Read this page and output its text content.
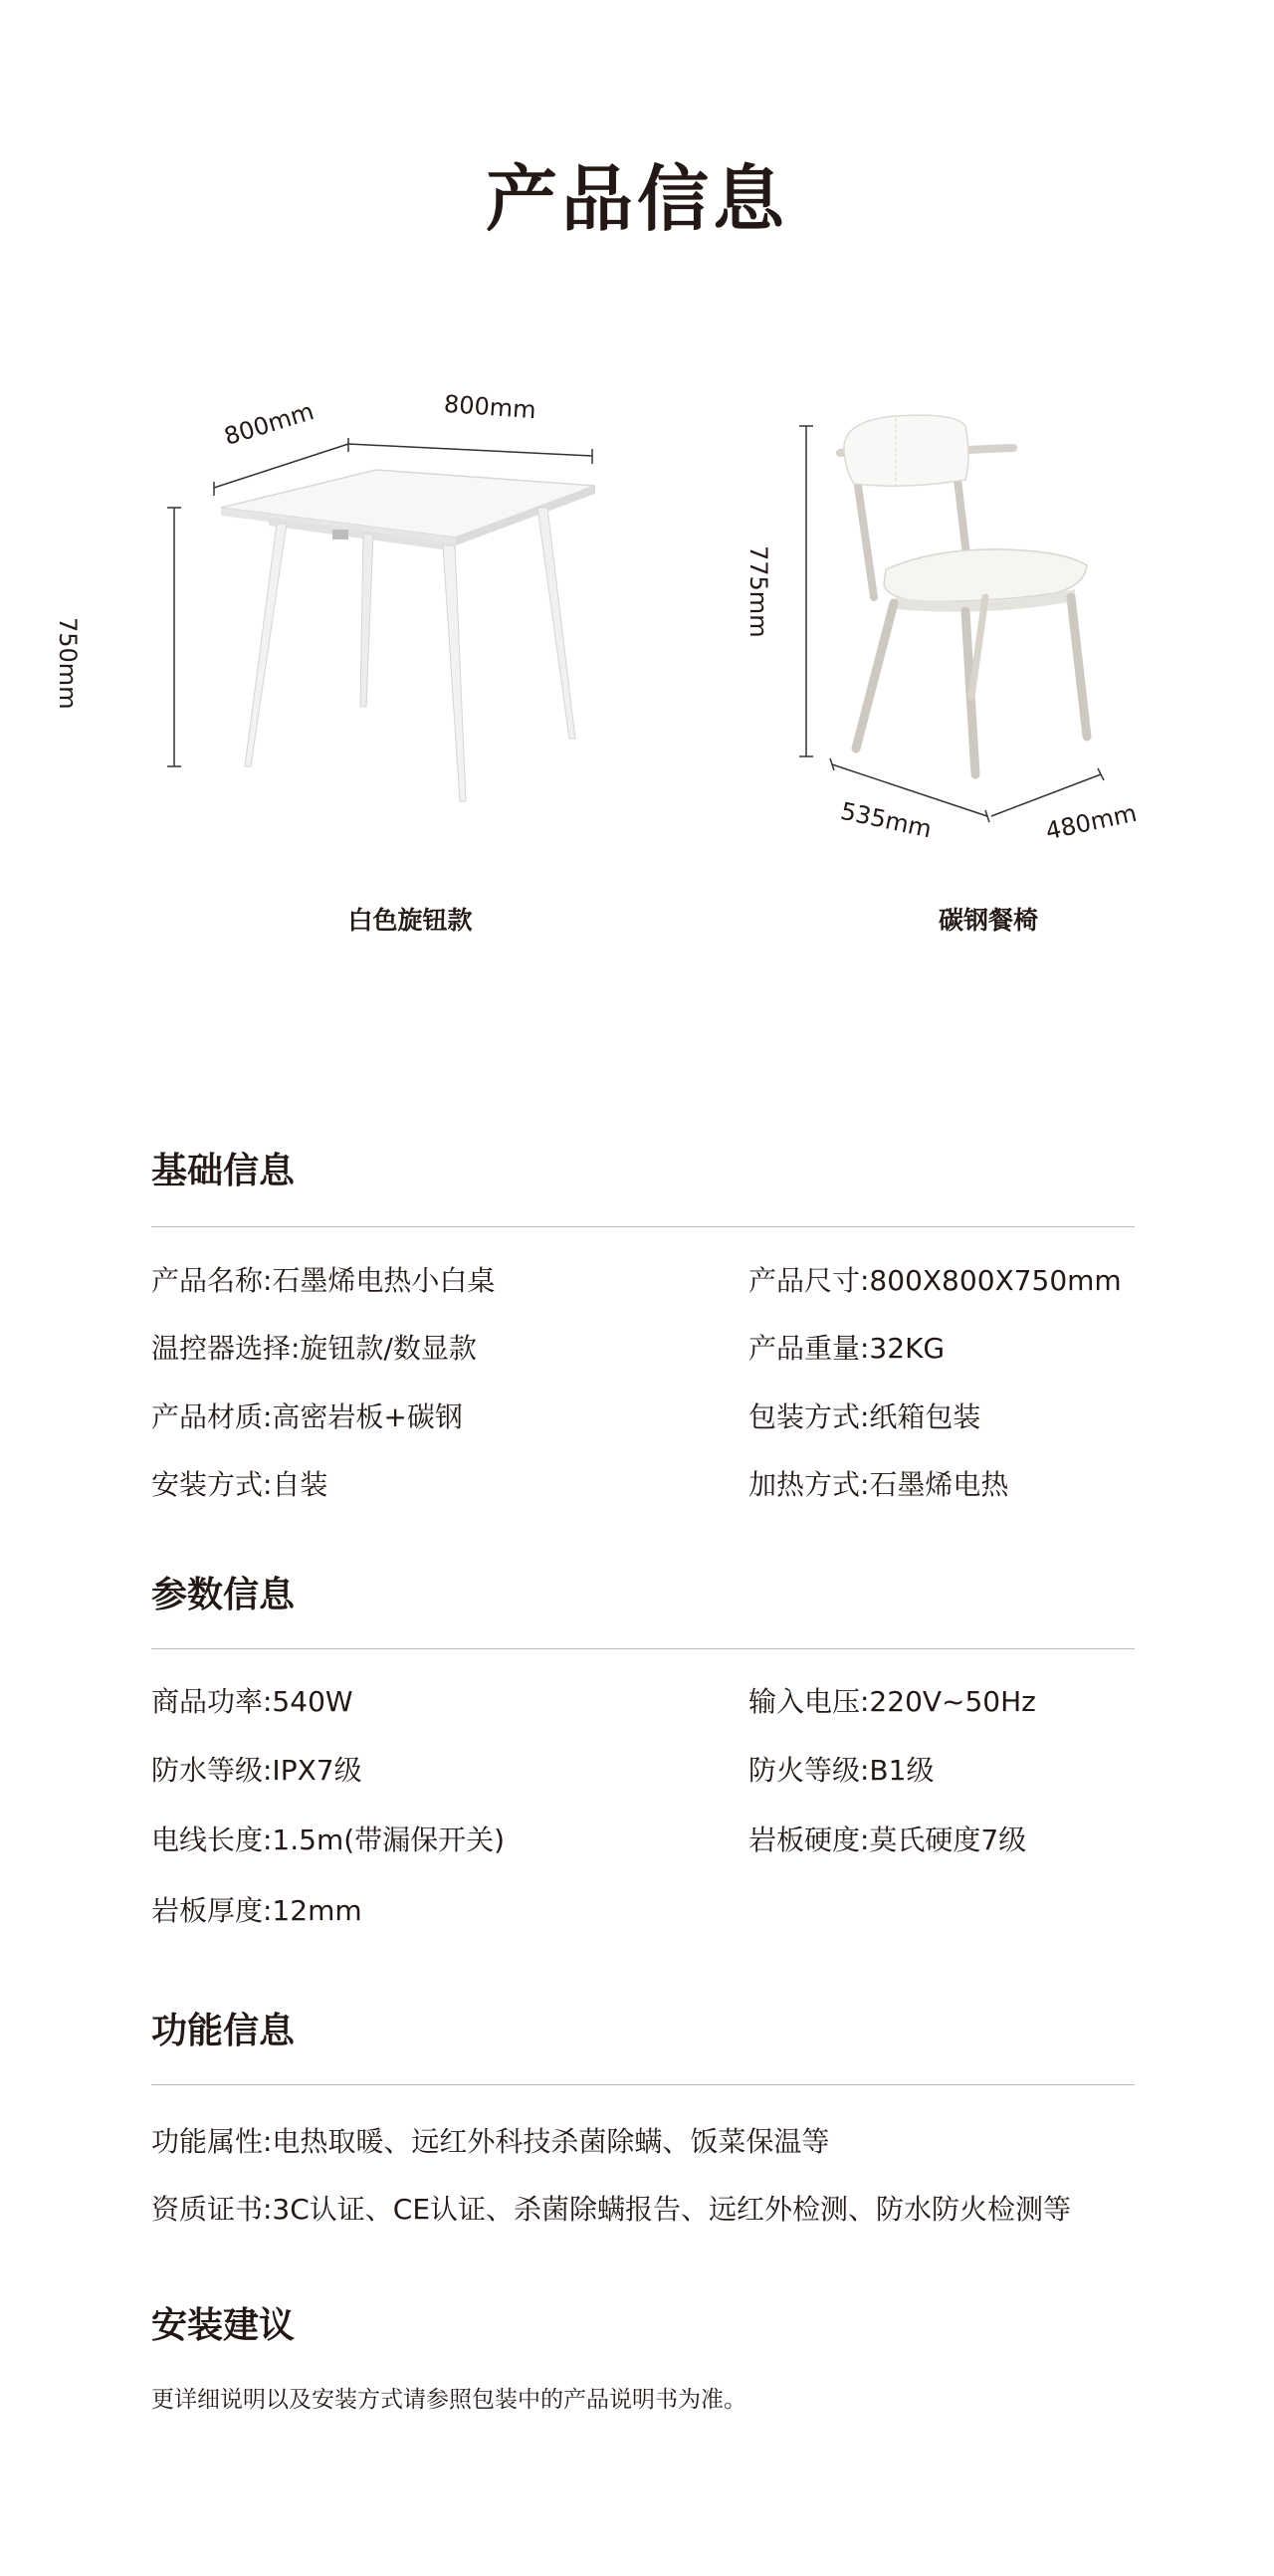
产品信息
800mm	800mm
750mm
白色旋钮款
775mm
535mm	480mm
碳钢餐椅
基础信息
产品名称:石墨烯电热小白桌	产品尺寸:800X800X750mm
温控器选择:旋钮款/数显款	产品重量:32KG
产品材质:高密岩板+碳钢	包装方式:纸箱包装
安装方式:自装	加热方式:石墨烯电热
参数信息
商品功率:540W	输入电压:220V~50Hz
防水等级:IPX7级	防火等级:B1级
电线长度:1.5m(带漏保开关)	岩板硬度:莫氏硬度7级
岩板厚度:12mm
功能信息
功能属性:电热取暖、远红外科技杀菌除螨、饭菜保温等
资质证书:3C认证、CE认证、杀菌除螨报告、远红外检测、防水防火检测等
安装建议
更详细说明以及安装方式请参照包装中的产品说明书为准。
